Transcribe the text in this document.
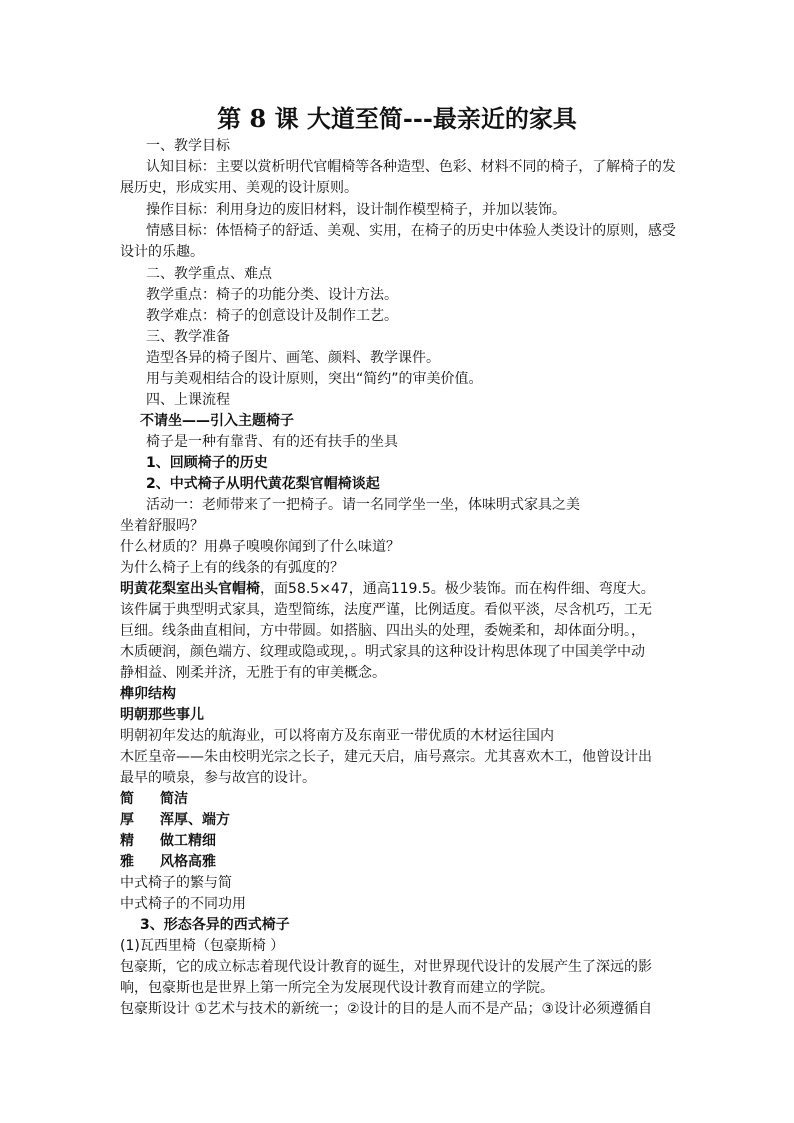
第 8 课 大道至简---最亲近的家具
一、教学目标
认知目标：主要以赏析明代官帽椅等各种造型、色彩、材料不同的椅子，了解椅子的发
展历史，形成实用、美观的设计原则。
操作目标：利用身边的废旧材料，设计制作模型椅子，并加以装饰。
情感目标：体悟椅子的舒适、美观、实用，在椅子的历史中体验人类设计的原则，感受
设计的乐趣。
二、教学重点、难点
教学重点：椅子的功能分类、设计方法。
教学难点：椅子的创意设计及制作工艺。
三、教学准备
造型各异的椅子图片、画笔、颜料、教学课件。
用与美观相结合的设计原则，突出“简约”的审美价值。
四、上课流程
不请坐——引入主题椅子
椅子是一种有靠背、有的还有扶手的坐具
1、回顾椅子的历史
2、中式椅子从明代黄花梨官帽椅谈起
活动一：老师带来了一把椅子。请一名同学坐一坐，体味明式家具之美
坐着舒服吗？
什么材质的？用鼻子嗅嗅你闻到了什么味道？
为什么椅子上有的线条的有弧度的？
明黄花梨室出头官帽椅，面58.5×47，通高119.5。极少装饰。而在构件细、弯度大。
该件属于典型明式家具，造型简练，法度严谨，比例适度。看似平淡，尽含机巧，工无
巨细。线条曲直相间，方中带圆。如搭脑、四出头的处理，委婉柔和，却体面分明。，
木质硬润，颜色端方、纹理或隐或现，。明式家具的这种设计构思体现了中国美学中动
静相益、刚柔并济，无胜于有的审美概念。
榫卯结构
明朝那些事儿
明朝初年发达的航海业，可以将南方及东南亚一带优质的木材运往国内
木匠皇帝——朱由校明光宗之长子，建元天启，庙号熹宗。尤其喜欢木工，他曾设计出
最早的喷泉，参与故宫的设计。
简 简洁
厚 浑厚、端方
精 做工精细
雅 风格高雅
中式椅子的繁与简
中式椅子的不同功用
3、形态各异的西式椅子
(1)瓦西里椅（包豪斯椅 ）
包豪斯，它的成立标志着现代设计教育的诞生，对世界现代设计的发展产生了深远的影
响，包豪斯也是世界上第一所完全为发展现代设计教育而建立的学院。
包豪斯设计 ①艺术与技术的新统一；②设计的目的是人而不是产品；③设计必须遵循自
